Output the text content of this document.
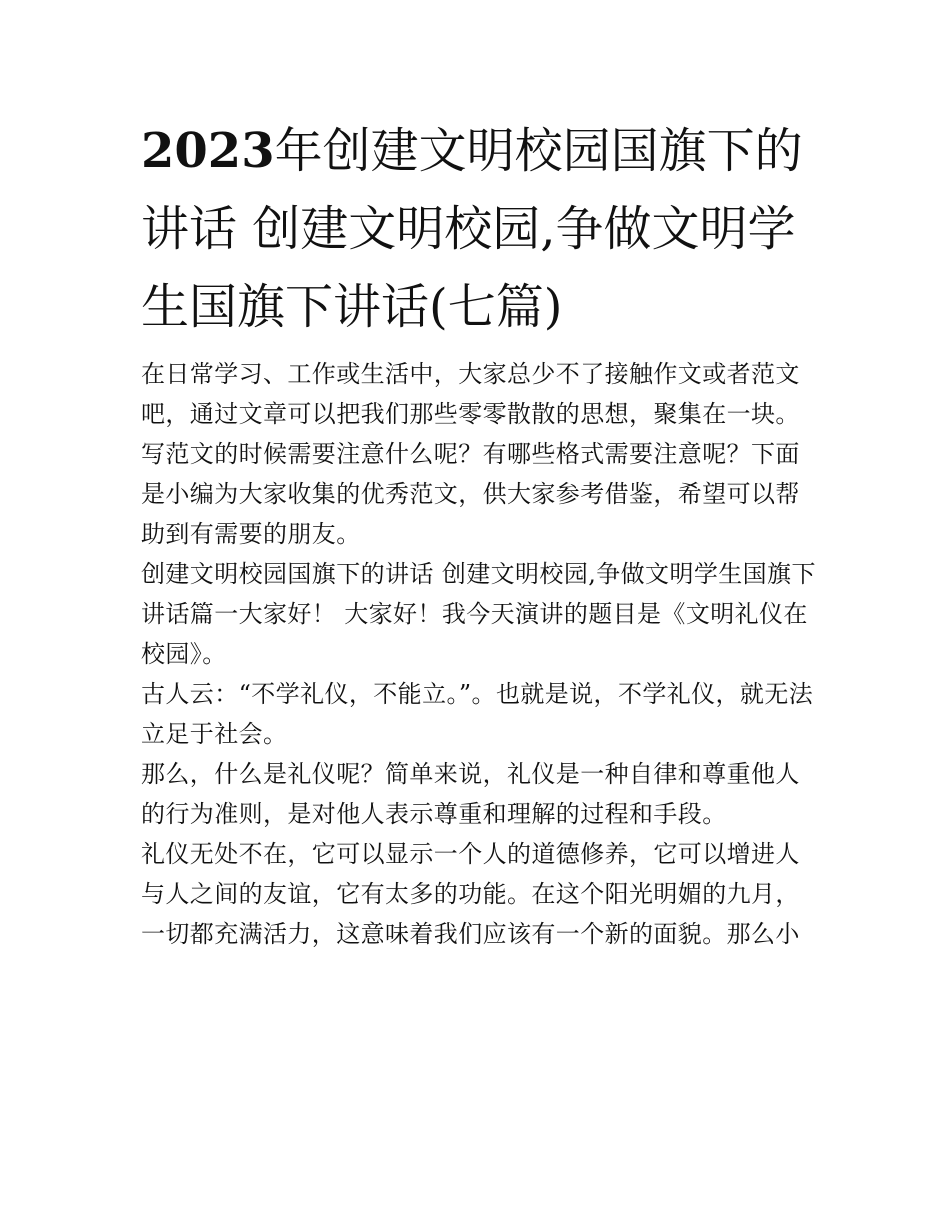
2023年创建文明校园国旗下的讲话 创建文明校园,争做文明学生国旗下讲话(七篇)

在日常学习、工作或生活中，大家总少不了接触作文或者范文吧，通过文章可以把我们那些零零散散的思想，聚集在一块。写范文的时候需要注意什么呢？有哪些格式需要注意呢？下面是小编为大家收集的优秀范文，供大家参考借鉴，希望可以帮助到有需要的朋友。

创建文明校园国旗下的讲话 创建文明校园,争做文明学生国旗下讲话篇一大家好！ 大家好！我今天演讲的题目是《文明礼仪在校园》。

古人云：“不学礼仪，不能立。”。也就是说，不学礼仪，就无法立足于社会。

那么，什么是礼仪呢？简单来说，礼仪是一种自律和尊重他人的行为准则，是对他人表示尊重和理解的过程和手段。

礼仪无处不在，它可以显示一个人的道德修养，它可以增进人与人之间的友谊，它有太多的功能。在这个阳光明媚的九月，一切都充满活力，这意味着我们应该有一个新的面貌。那么小
